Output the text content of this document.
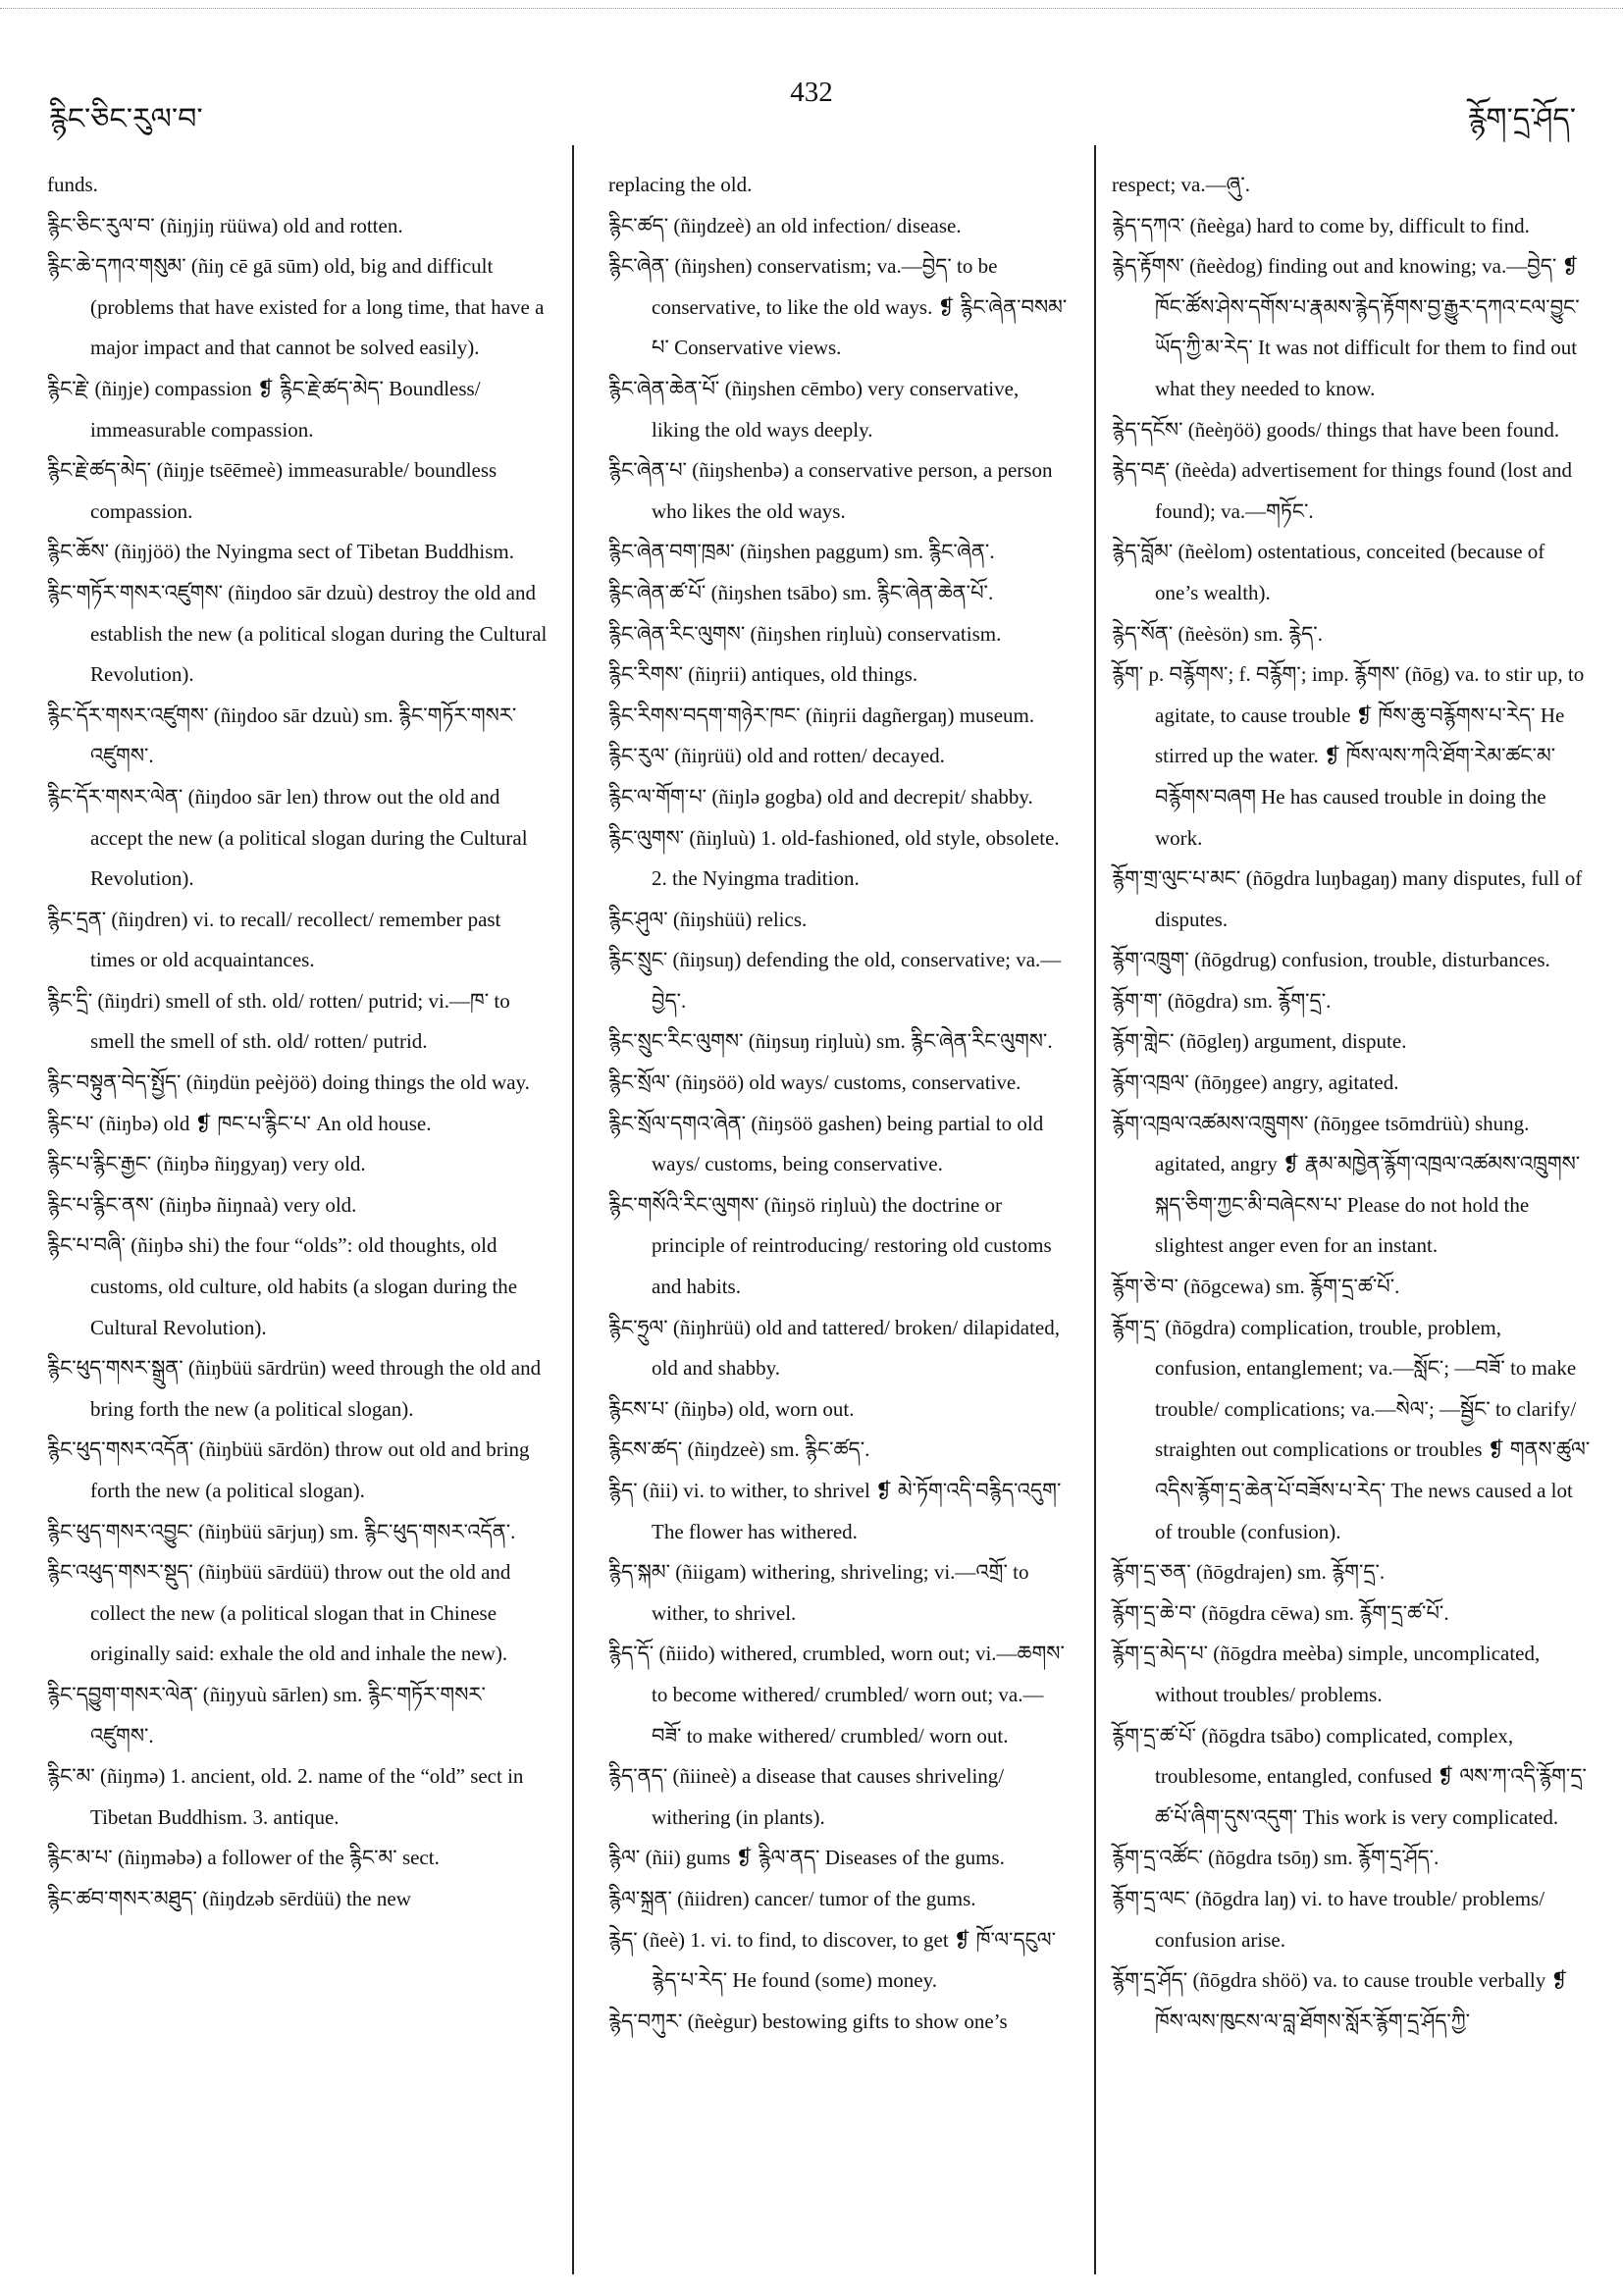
རྙིང་ཅིང་རུལ་བ་
432
རྙོག་དྲ་ཤོད་

funds.

རྙིང་ཅིང་རུལ་བ་ (ñiŋjiŋ rüüwa) old and rotten.

རྙིང་ཆེ་དཀའ་གསུམ་ (ñiŋ cē gā sūm) old, big and difficult (problems that have existed for a long time, that have a major impact and that cannot be solved easily).

རྙིང་རྗེ་ (ñiŋje) compassion ❡ རྙིང་རྗེ་ཚད་མེད་ Boundless/ immeasurable compassion.

རྙིང་རྗེ་ཚད་མེད་ (ñiŋje tsēēmeè) immeasurable/ boundless compassion.

རྙིང་ཆོས་ (ñiŋjöö) the Nyingma sect of Tibetan Buddhism.

རྙིང་གཏོར་གསར་འཛུགས་ (ñiŋdoo sār dzuù) destroy the old and establish the new (a political slogan during the Cultural Revolution).

རྙིང་དོར་གསར་འཛུགས་ (ñiŋdoo sār dzuù) sm. རྙིང་གཏོར་གསར་འཛུགས་.

རྙིང་དོར་གསར་ལེན་ (ñiŋdoo sār len) throw out the old and accept the new (a political slogan during the Cultural Revolution).

རྙིང་དྲན་ (ñiŋdren) vi. to recall/ recollect/ remember past times or old acquaintances.

རྙིང་དྲི་ (ñiŋdri) smell of sth. old/ rotten/ putrid; vi.—ཁ་ to smell the smell of sth. old/ rotten/ putrid.

རྙིང་བསྟུན་བེད་སྤྱོད་ (ñiŋdün peèjöö) doing things the old way.

རྙིང་པ་ (ñiŋbə) old ❡ ཁང་པ་རྙིང་པ་ An old house.

རྙིང་པ་རྙིང་རྒྱང་ (ñiŋbə ñiŋgyaŋ) very old.

རྙིང་པ་རྙིང་ནས་ (ñiŋbə ñiŋnaà) very old.

རྙིང་པ་བཞི་ (ñiŋbə shi) the four “olds”: old thoughts, old customs, old culture, old habits (a slogan during the Cultural Revolution).

རྙིང་ཕུད་གསར་སྒྲུན་ (ñiŋbüü sārdrün) weed through the old and bring forth the new (a political slogan).

རྙིང་ཕུད་གསར་འདོན་ (ñiŋbüü sārdön) throw out old and bring forth the new (a political slogan).

རྙིང་ཕུད་གསར་འབྱུང་ (ñiŋbüü sārjuŋ) sm. རྙིང་ཕུད་གསར་འདོན་.

རྙིང་འཕུད་གསར་སྡུད་ (ñiŋbüü sārdüü) throw out the old and collect the new (a political slogan that in Chinese originally said: exhale the old and inhale the new).

རྙིང་དབྱུག་གསར་ལེན་ (ñiŋyuù sārlen) sm. རྙིང་གཏོར་གསར་འཛུགས་.

རྙིང་མ་ (ñiŋmə) 1. ancient, old. 2. name of the “old” sect in Tibetan Buddhism. 3. antique.

རྙིང་མ་པ་ (ñiŋməbə) a follower of the རྙིང་མ་ sect.

རྙིང་ཚབ་གསར་མཐུད་ (ñiŋdzəb sērdüü) the new

replacing the old.

རྙིང་ཚད་ (ñiŋdzeè) an old infection/ disease.

རྙིང་ཞེན་ (ñiŋshen) conservatism; va.—བྱེད་ to be conservative, to like the old ways. ❡ རྙིང་ཞེན་བསམ་པ་ Conservative views.

རྙིང་ཞེན་ཆེན་པོ་ (ñiŋshen cēmbo) very conservative, liking the old ways deeply.

རྙིང་ཞེན་པ་ (ñiŋshenbə) a conservative person, a person who likes the old ways.

རྙིང་ཞེན་བག་ཁྲམ་ (ñiŋshen paggum) sm. རྙིང་ཞེན་.

རྙིང་ཞེན་ཚ་པོ་ (ñiŋshen tsābo) sm. རྙིང་ཞེན་ཆེན་པོ་.

རྙིང་ཞེན་རིང་ལུགས་ (ñiŋshen riŋluù) conservatism.

རྙིང་རིགས་ (ñiŋrii) antiques, old things.

རྙིང་རིགས་བདག་གཉེར་ཁང་ (ñiŋrii dagñergaŋ) museum.

རྙིང་རུལ་ (ñiŋrüü) old and rotten/ decayed.

རྙིང་ལ་གོག་པ་ (ñiŋlə gogba) old and decrepit/ shabby.

རྙིང་ལུགས་ (ñiŋluù) 1. old-fashioned, old style, obsolete. 2. the Nyingma tradition.

རྙིང་ཤུལ་ (ñiŋshüü) relics.

རྙིང་སྲུང་ (ñiŋsuŋ) defending the old, conservative; va.—བྱེད་.

རྙིང་སྲུང་རིང་ལུགས་ (ñiŋsuŋ riŋluù) sm. རྙིང་ཞེན་རིང་ལུགས་.

རྙིང་སྲོལ་ (ñiŋsöö) old ways/ customs, conservative.

རྙིང་སྲོལ་དགའ་ཞེན་ (ñiŋsöö gashen) being partial to old ways/ customs, being conservative.

རྙིང་གསོའི་རིང་ལུགས་ (ñiŋsö riŋluù) the doctrine or principle of reintroducing/ restoring old customs and habits.

རྙིང་ཧྲུལ་ (ñiŋhrüü) old and tattered/ broken/ dilapidated, old and shabby.

རྙིངས་པ་ (ñiŋbə) old, worn out.

རྙིངས་ཚད་ (ñiŋdzeè) sm. རྙིང་ཚད་.

རྙིད་ (ñii) vi. to wither, to shrivel ❡ མེ་ཏོག་འདི་བརྙིད་འདུག་ The flower has withered.

རྙིད་སྐམ་ (ñiigam) withering, shriveling; vi.—འགྲོ་ to wither, to shrivel.

རྙིད་དོ་ (ñiido) withered, crumbled, worn out; vi.—ཆགས་ to become withered/ crumbled/ worn out; va.—བཟོ་ to make withered/ crumbled/ worn out.

རྙིད་ནད་ (ñiineè) a disease that causes shriveling/ withering (in plants).

རྙིལ་ (ñii) gums ❡ རྙིལ་ནད་ Diseases of the gums.

རྙིལ་སྐྲན་ (ñiidren) cancer/ tumor of the gums.

རྙེད་ (ñeè) 1. vi. to find, to discover, to get ❡ ཁོ་ལ་དངུལ་རྙེད་པ་རེད་ He found (some) money.

རྙེད་བཀུར་ (ñeègur) bestowing gifts to show one’s

respect; va.—ཞུ་.

རྙེད་དཀའ་ (ñeèga) hard to come by, difficult to find.

རྙེད་རྟོགས་ (ñeèdog) finding out and knowing; va.—བྱེད་ ❡ ཁོང་ཚོས་ཤེས་དགོས་པ་རྣམས་རྙེད་རྟོགས་བྱ་རྒྱུར་དཀའ་ངལ་བྱུང་ཡོད་ཀྱི་མ་རེད་ It was not difficult for them to find out what they needed to know.

རྙེད་དངོས་ (ñeèŋöö) goods/ things that have been found.

རྙེད་བརྡ་ (ñeèda) advertisement for things found (lost and found); va.—གཏོང་.

རྙེད་བློམ་ (ñeèlom) ostentatious, conceited (because of one’s wealth).

རྙེད་སོན་ (ñeèsön) sm. རྙེད་.

རྙོག་ p. བརྙོགས་; f. བརྙོག་; imp. རྙོགས་ (ñōg) va. to stir up, to agitate, to cause trouble ❡ ཁོས་ཆུ་བརྙོགས་པ་རེད་ He stirred up the water. ❡ ཁོས་ལས་ཀའི་ཐོག་རེམ་ཚང་མ་བརྙོགས་བཞག He has caused trouble in doing the work.

རྙོག་གྲ་ལུང་པ་མང་ (ñōgdra luŋbagaŋ) many disputes, full of disputes.

རྙོག་འཁྲུག་ (ñōgdrug) confusion, trouble, disturbances.

རྙོག་ག་ (ñōgdra) sm. རྙོག་དྲ་.

རྙོག་གླེང་ (ñōgleŋ) argument, dispute.

རྙོག་འཁྲལ་ (ñōŋgee) angry, agitated.

རྙོག་འཁྲལ་འཚམས་འཁྲུགས་ (ñōŋgee tsōmdrüù) shung. agitated, angry ❡ རྣམ་མཁྱེན་རྙོག་འཁྲལ་འཚམས་འཁྲུགས་སྐད་ཅིག་ཀྱང་མི་བཞེངས་པ་ Please do not hold the slightest anger even for an instant.

རྙོག་ཅེ་བ་ (ñōgcewa) sm. རྙོག་དྲ་ཚ་པོ་.

རྙོག་དྲ་ (ñōgdra) complication, trouble, problem, confusion, entanglement; va.—སློང་; —བཟོ་ to make trouble/ complications; va.—སེལ་; —སྦྱོང་ to clarify/ straighten out complications or troubles ❡ གནས་ཚུལ་འདིས་རྙོག་དྲ་ཆེན་པོ་བཟོས་པ་རེད་ The news caused a lot of trouble (confusion).

རྙོག་དྲ་ཅན་ (ñōgdrajen) sm. རྙོག་དྲ་.

རྙོག་དྲ་ཆེ་བ་ (ñōgdra cēwa) sm. རྙོག་དྲ་ཚ་པོ་.

རྙོག་དྲ་མེད་པ་ (ñōgdra meèba) simple, uncomplicated, without troubles/ problems.

རྙོག་དྲ་ཚ་པོ་ (ñōgdra tsābo) complicated, complex, troublesome, entangled, confused ❡ ལས་ཀ་འདི་རྙོག་དྲ་ཚ་པོ་ཞིག་དུས་འདུག་ This work is very complicated.

རྙོག་དྲ་འཚོང་ (ñōgdra tsōŋ) sm. རྙོག་དྲ་ཤོད་.

རྙོག་དྲ་ལང་ (ñōgdra laŋ) vi. to have trouble/ problems/ confusion arise.

རྙོག་དྲ་ཤོད་ (ñōgdra shöö) va. to cause trouble verbally ❡ ཁོས་ལས་ཁུངས་ལ་བླ་ཐོགས་སློར་རྙོག་དྲ་ཤོད་ཀྱི་
